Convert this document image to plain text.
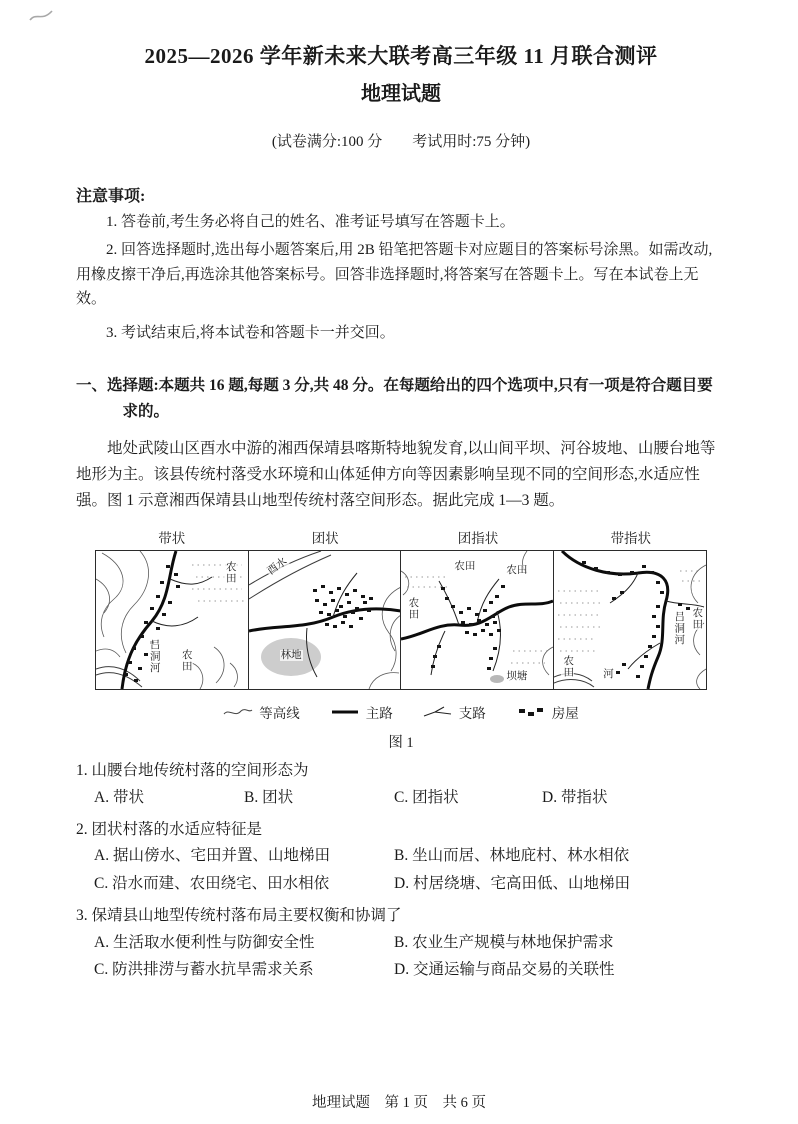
2025—2026 学年新未来大联考高三年级 11 月联合测评
地理试题

(试卷满分:100 分　　考试用时:75 分钟)

注意事项:

1. 答卷前,考生务必将自己的姓名、准考证号填写在答题卡上。

2. 回答选择题时,选出每小题答案后,用 2B 铅笔把答题卡对应题目的答案标号涂黑。如需改动,用橡皮擦干净后,再选涂其他答案标号。回答非选择题时,将答案写在答题卡上。写在本试卷上无效。

3. 考试结束后,将本试卷和答题卡一并交回。

一、选择题:本题共 16 题,每题 3 分,共 48 分。在每题给出的四个选项中,只有一项是符合题目要求的。

地处武陵山区酉水中游的湘西保靖县喀斯特地貌发育,以山间平坝、河谷坡地、山腰台地等地形为主。该县传统村落受水环境和山体延伸方向等因素影响呈现不同的空间形态,水适应性强。图 1 示意湘西保靖县山地型传统村落空间形态。据此完成 1—3 题。

带状
农田
吕洞河 农田
团状
酉水
林地
团指状
农田
农田	农田
坝塘
带指状
农田
吕洞河 农田
河
等高线	主路	支路	房屋
图 1

1. 山腰台地传统村落的空间形态为

A. 带状	B. 团状	C. 团指状	D. 带指状

2. 团状村落的水适应特征是

A. 据山傍水、宅田并置、山地梯田	B. 坐山而居、林地庇村、林水相依
C. 沿水而建、农田绕宅、田水相依	D. 村居绕塘、宅高田低、山地梯田

3. 保靖县山地型传统村落布局主要权衡和协调了

A. 生活取水便利性与防御安全性	B. 农业生产规模与林地保护需求
C. 防洪排涝与蓄水抗旱需求关系	D. 交通运输与商品交易的关联性
地理试题　第 1 页　共 6 页
